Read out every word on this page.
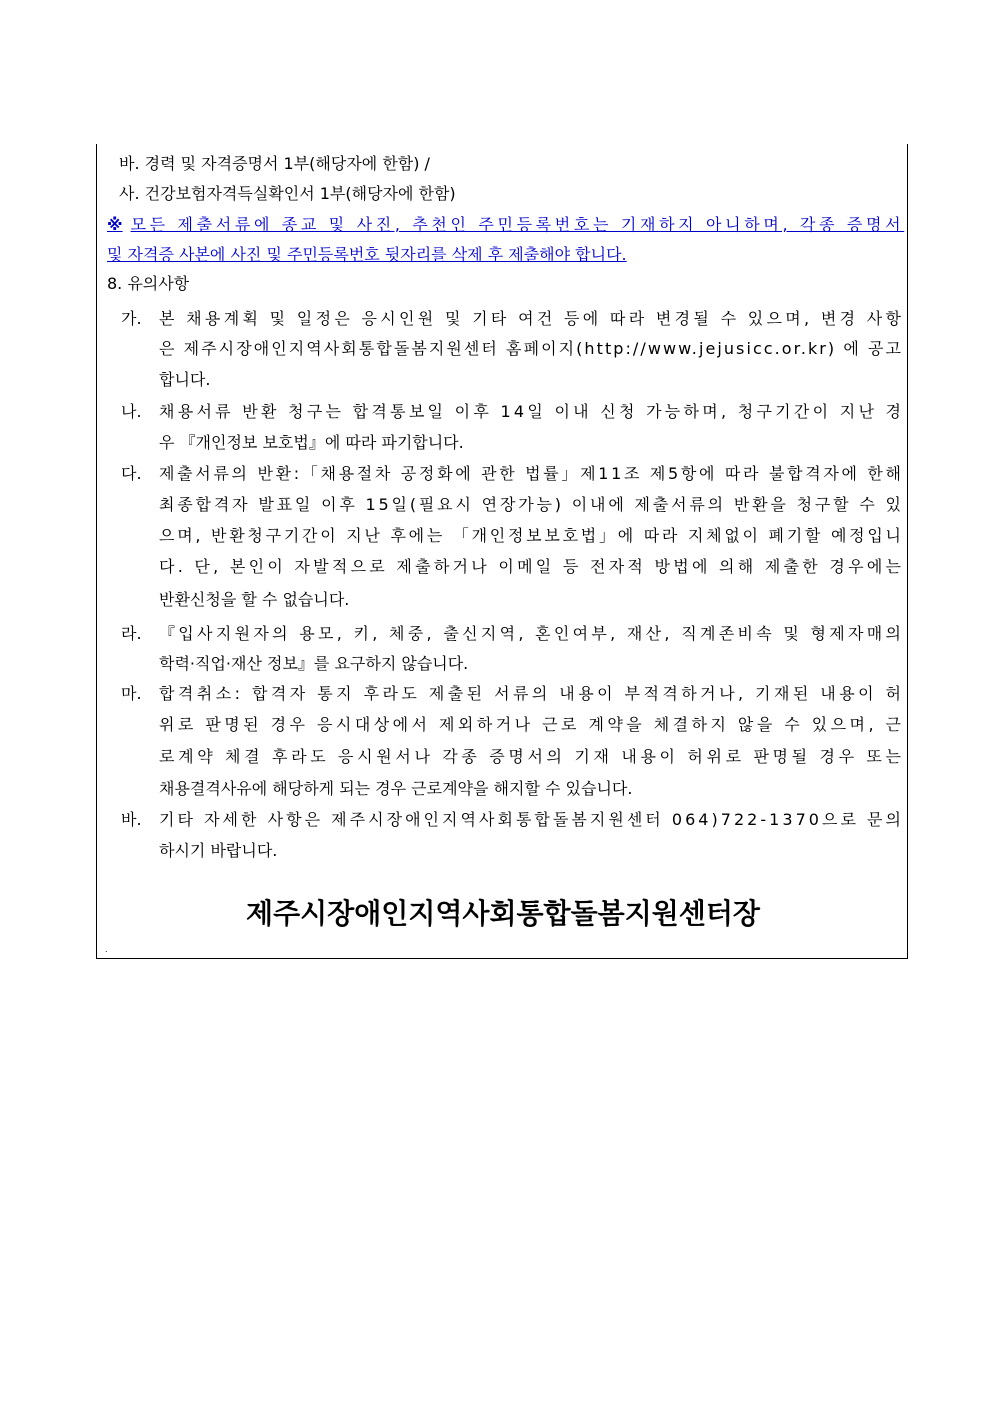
바. 경력 및 자격증명서 1부(해당자에 한함) /
사. 건강보험자격득실확인서 1부(해당자에 한함)
※ 모든 제출서류에 종교 및 사진, 추천인 주민등록번호는 기재하지 아니하며, 각종 증명서
및 자격증 사본에 사진 및 주민등록번호 뒷자리를 삭제 후 제출해야 합니다.
8. 유의사항
가. 본 채용계획 및 일정은 응시인원 및 기타 여건 등에 따라 변경될 수 있으며, 변경 사항
은 제주시장애인지역사회통합돌봄지원센터 홈페이지(http://www.jejusicc.or.kr) 에 공고
합니다.
나. 채용서류 반환 청구는 합격통보일 이후 14일 이내 신청 가능하며, 청구기간이 지난 경
우 『개인정보 보호법』에 따라 파기합니다.
다. 제출서류의 반환:「채용절차 공정화에 관한 법률」제11조 제5항에 따라 불합격자에 한해
최종합격자 발표일 이후 15일(필요시 연장가능) 이내에 제출서류의 반환을 청구할 수 있
으며, 반환청구기간이 지난 후에는 「개인정보보호법」에 따라 지체없이 폐기할 예정입니
다. 단, 본인이 자발적으로 제출하거나 이메일 등 전자적 방법에 의해 제출한 경우에는
반환신청을 할 수 없습니다.
라. 『입사지원자의 용모, 키, 체중, 출신지역, 혼인여부, 재산, 직계존비속 및 형제자매의
학력·직업·재산 정보』를 요구하지 않습니다.
마. 합격취소: 합격자 통지 후라도 제출된 서류의 내용이 부적격하거나, 기재된 내용이 허
위로 판명된 경우 응시대상에서 제외하거나 근로 계약을 체결하지 않을 수 있으며, 근
로계약 체결 후라도 응시원서나 각종 증명서의 기재 내용이 허위로 판명될 경우 또는
채용결격사유에 해당하게 되는 경우 근로계약을 해지할 수 있습니다.
바. 기타 자세한 사항은 제주시장애인지역사회통합돌봄지원센터 064)722-1370으로 문의
하시기 바랍니다.
제주시장애인지역사회통합돌봄지원센터장
.
